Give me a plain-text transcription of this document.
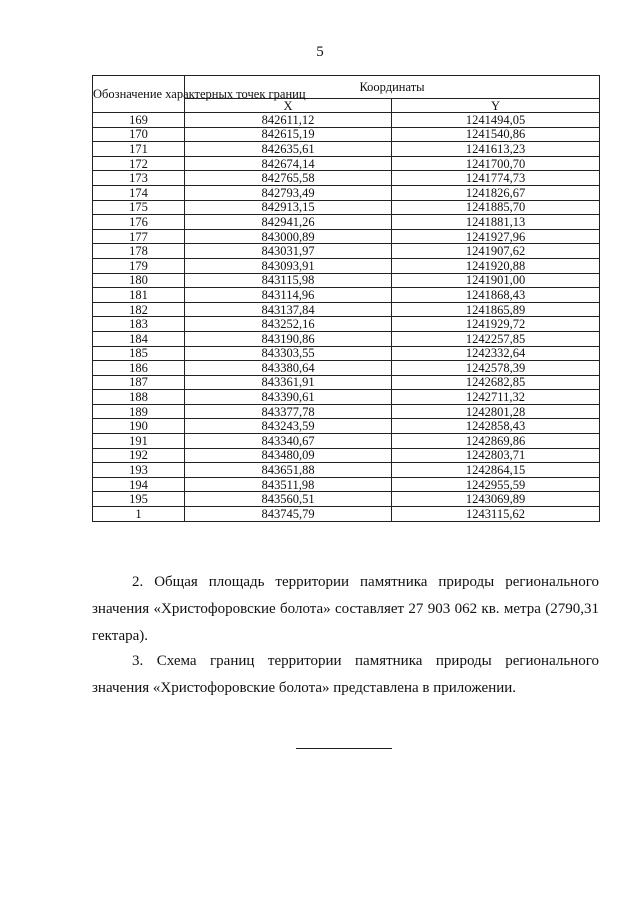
5
Обозначение характерных точек границ	Координаты	
	X	Y
169	842611,12	1241494,05
170	842615,19	1241540,86
171	842635,61	1241613,23
172	842674,14	1241700,70
173	842765,58	1241774,73
174	842793,49	1241826,67
175	842913,15	1241885,70
176	842941,26	1241881,13
177	843000,89	1241927,96
178	843031,97	1241907,62
179	843093,91	1241920,88
180	843115,98	1241901,00
181	843114,96	1241868,43
182	843137,84	1241865,89
183	843252,16	1241929,72
184	843190,86	1242257,85
185	843303,55	1242332,64
186	843380,64	1242578,39
187	843361,91	1242682,85
188	843390,61	1242711,32
189	843377,78	1242801,28
190	843243,59	1242858,43
191	843340,67	1242869,86
192	843480,09	1242803,71
193	843651,88	1242864,15
194	843511,98	1242955,59
195	843560,51	1243069,89
1	843745,79	1243115,62

2. Общая площадь территории памятника природы регионального значения «Христофоровские болота» составляет 27 903 062 кв. метра (2790,31 гектара).

3. Схема границ территории памятника природы регионального значения «Христофоровские болота» представлена в приложении.
